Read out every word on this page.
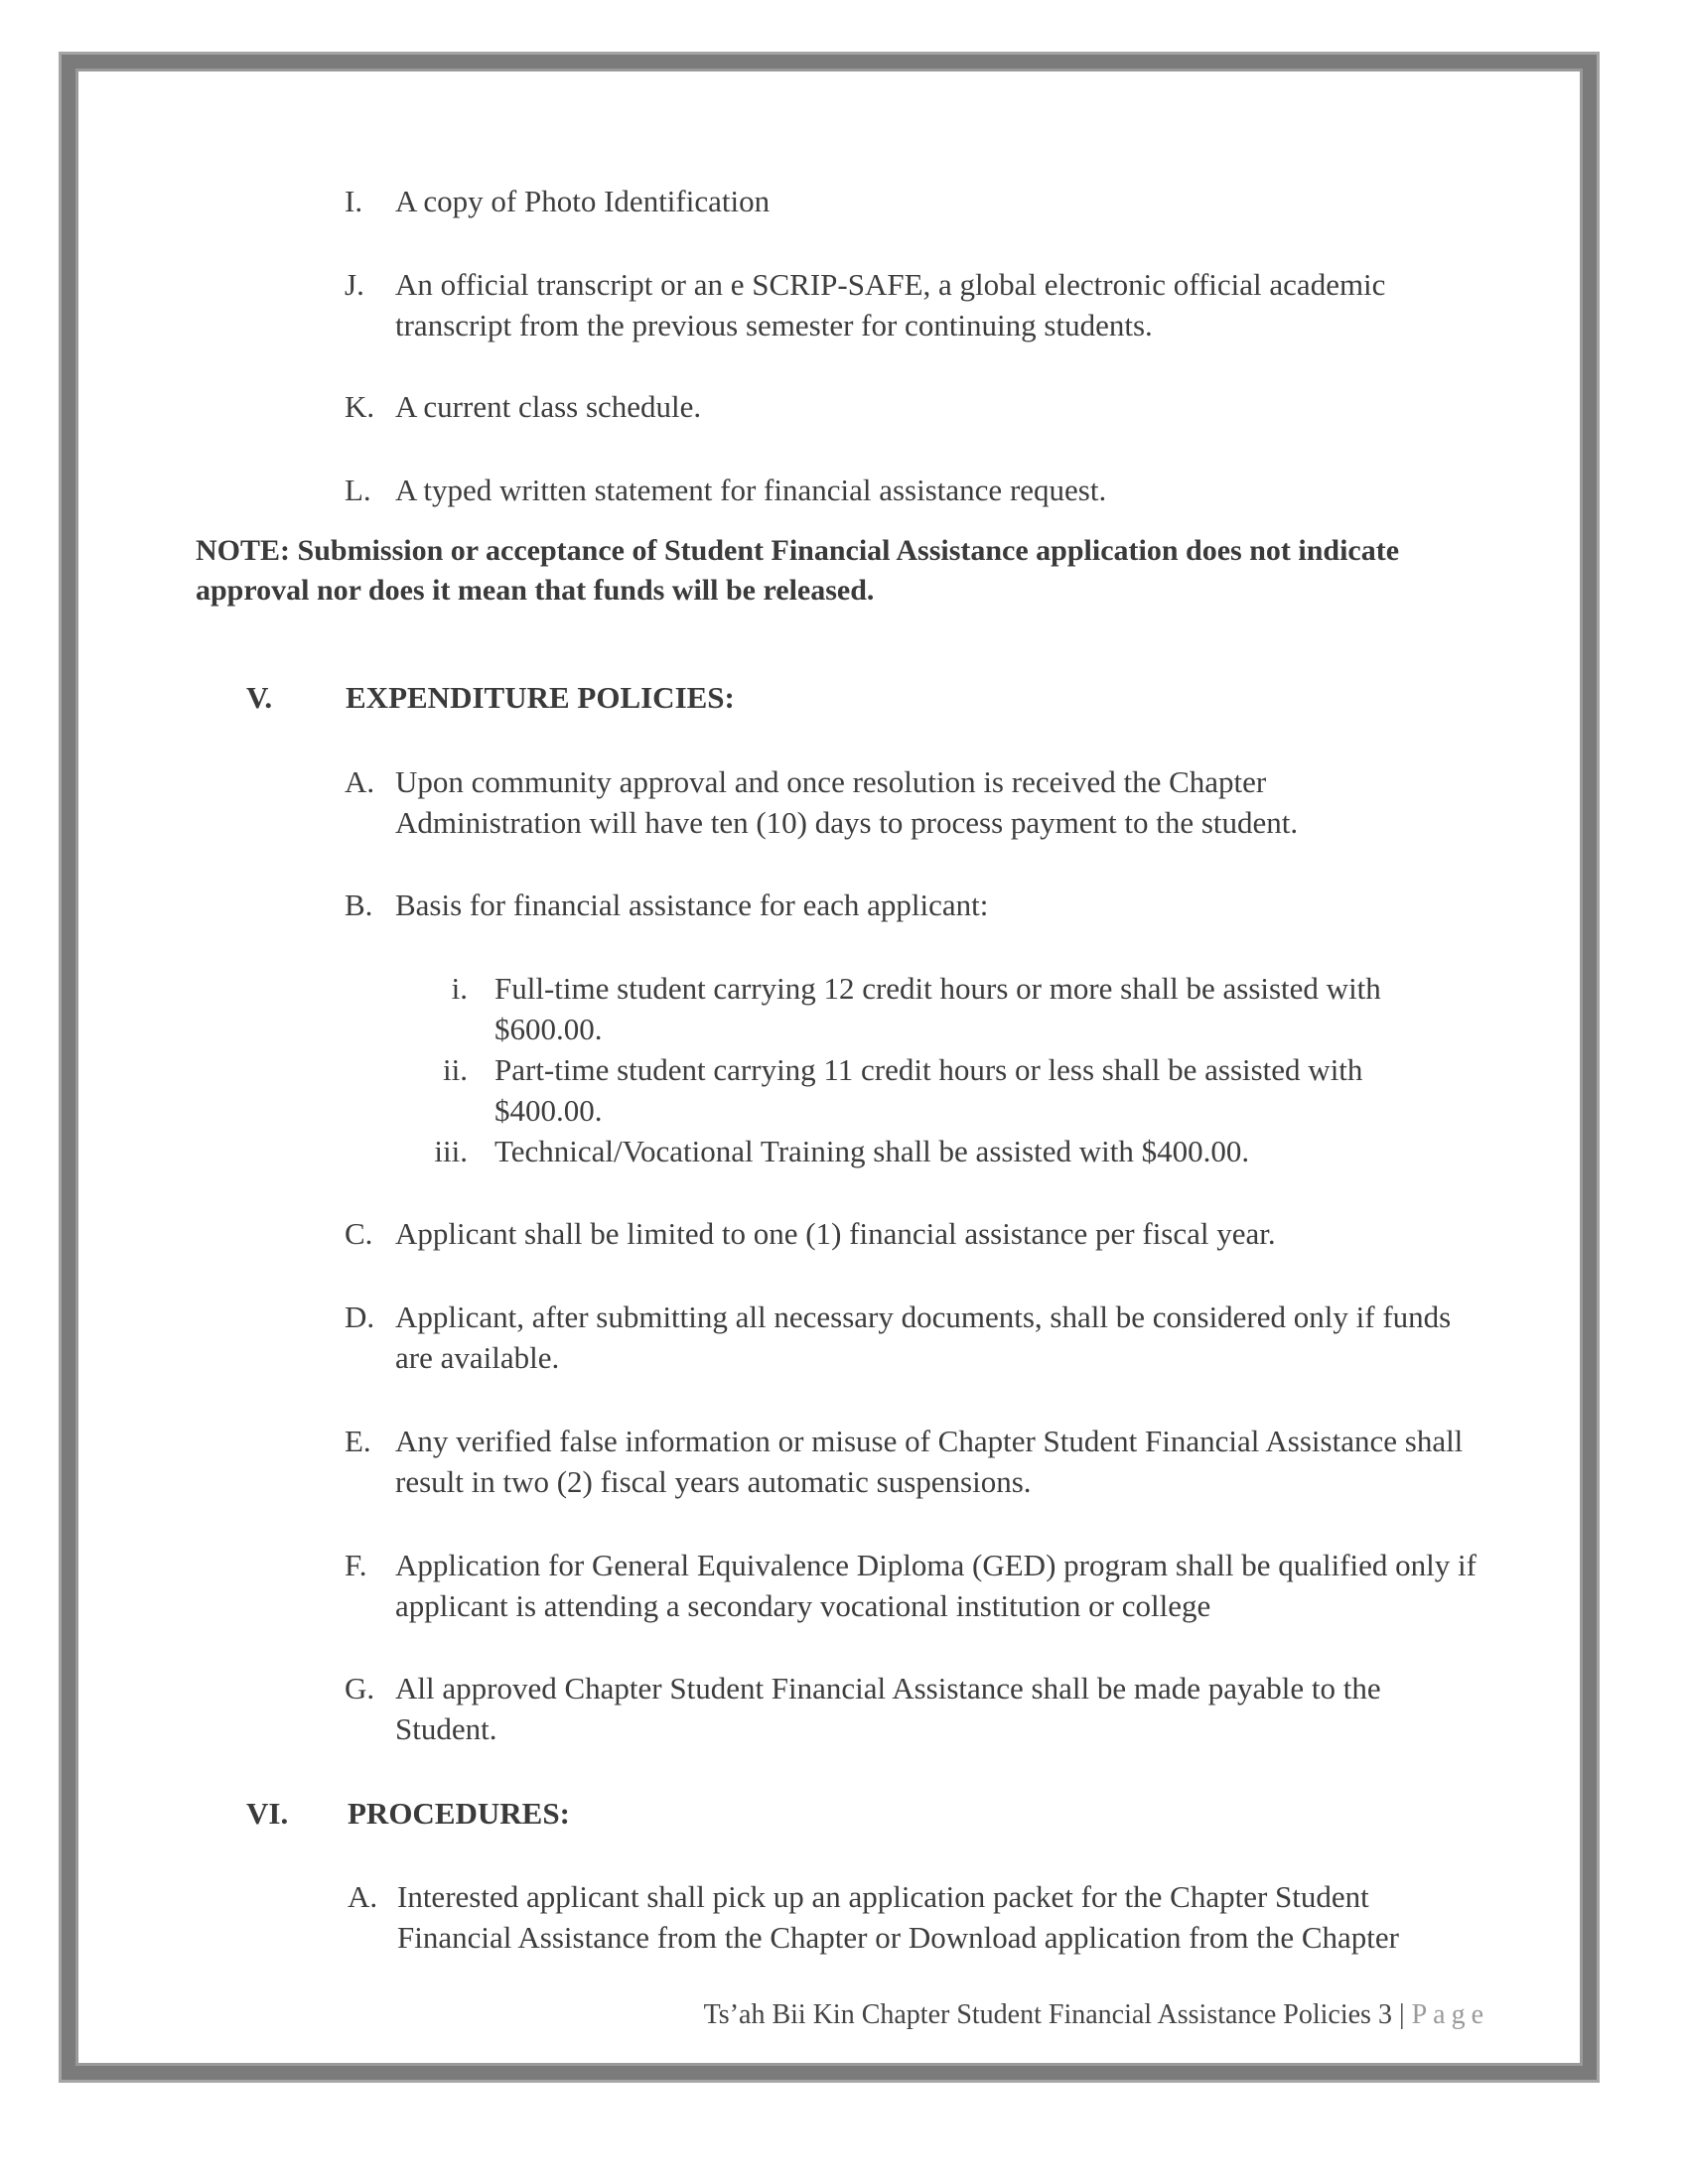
I. A copy of Photo Identification
J. An official transcript or an e SCRIP-SAFE, a global electronic official academic transcript from the previous semester for continuing students.
K. A current class schedule.
L. A typed written statement for financial assistance request.
NOTE: Submission or acceptance of Student Financial Assistance application does not indicate approval nor does it mean that funds will be released.
V. EXPENDITURE POLICIES:
A. Upon community approval and once resolution is received the Chapter Administration will have ten (10) days to process payment to the student.
B. Basis for financial assistance for each applicant:
i. Full-time student carrying 12 credit hours or more shall be assisted with $600.00.
ii. Part-time student carrying 11 credit hours or less shall be assisted with $400.00.
iii. Technical/Vocational Training shall be assisted with $400.00.
C. Applicant shall be limited to one (1) financial assistance per fiscal year.
D. Applicant, after submitting all necessary documents, shall be considered only if funds are available.
E. Any verified false information or misuse of Chapter Student Financial Assistance shall result in two (2) fiscal years automatic suspensions.
F. Application for General Equivalence Diploma (GED) program shall be qualified only if applicant is attending a secondary vocational institution or college
G. All approved Chapter Student Financial Assistance shall be made payable to the Student.
VI. PROCEDURES:
A. Interested applicant shall pick up an application packet for the Chapter Student Financial Assistance from the Chapter or Download application from the Chapter
Ts’ah Bii Kin Chapter Student Financial Assistance Policies 3 | Page
